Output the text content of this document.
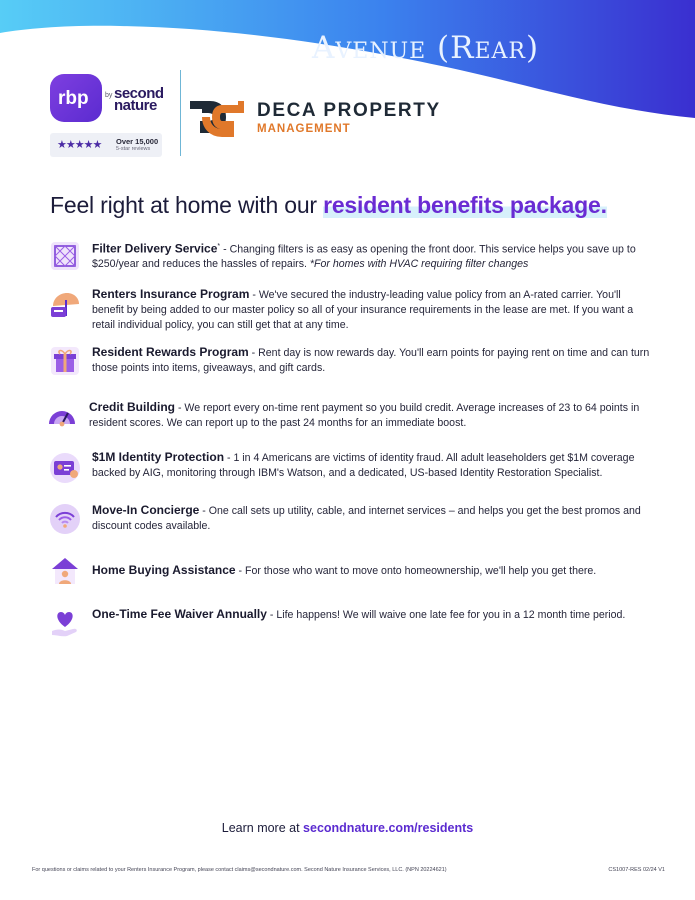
Avenue (Rear)
rbp by second nature
★★★★★ Over 15,000
5-star reviews
DECA PROPERTY
MANAGEMENT
Feel right at home with our resident benefits package.
Filter Delivery Service* - Changing filters is as easy as opening the front door. This service helps you save up to $250/year and reduces the hassles of repairs. *For homes with HVAC requiring filter changes
Renters Insurance Program - We've secured the industry-leading value policy from an A-rated carrier. You'll benefit by being added to our master policy so all of your insurance requirements in the lease are met. If you want a retail individual policy, you can still get that at any time.
Resident Rewards Program - Rent day is now rewards day. You'll earn points for paying rent on time and can turn those points into items, giveaways, and gift cards.
Credit Building - We report every on-time rent payment so you build credit. Average increases of 23 to 64 points in resident scores. We can report up to the past 24 months for an immediate boost.
$1M Identity Protection - 1 in 4 Americans are victims of identity fraud. All adult leaseholders get $1M coverage backed by AIG, monitoring through IBM's Watson, and a dedicated, US-based Identity Restoration Specialist.
Move-In Concierge - One call sets up utility, cable, and internet services – and helps you get the best promos and discount codes available.
Home Buying Assistance - For those who want to move onto homeownership, we'll help you get there.
One-Time Fee Waiver Annually - Life happens! We will waive one late fee for you in a 12 month time period.
Learn more at secondnature.com/residents
For questions or claims related to your Renters Insurance Program, please contact claims@secondnature.com. Second Nature Insurance Services, LLC. (NPN 20224621)	CS1007-RES 02/24 V1
